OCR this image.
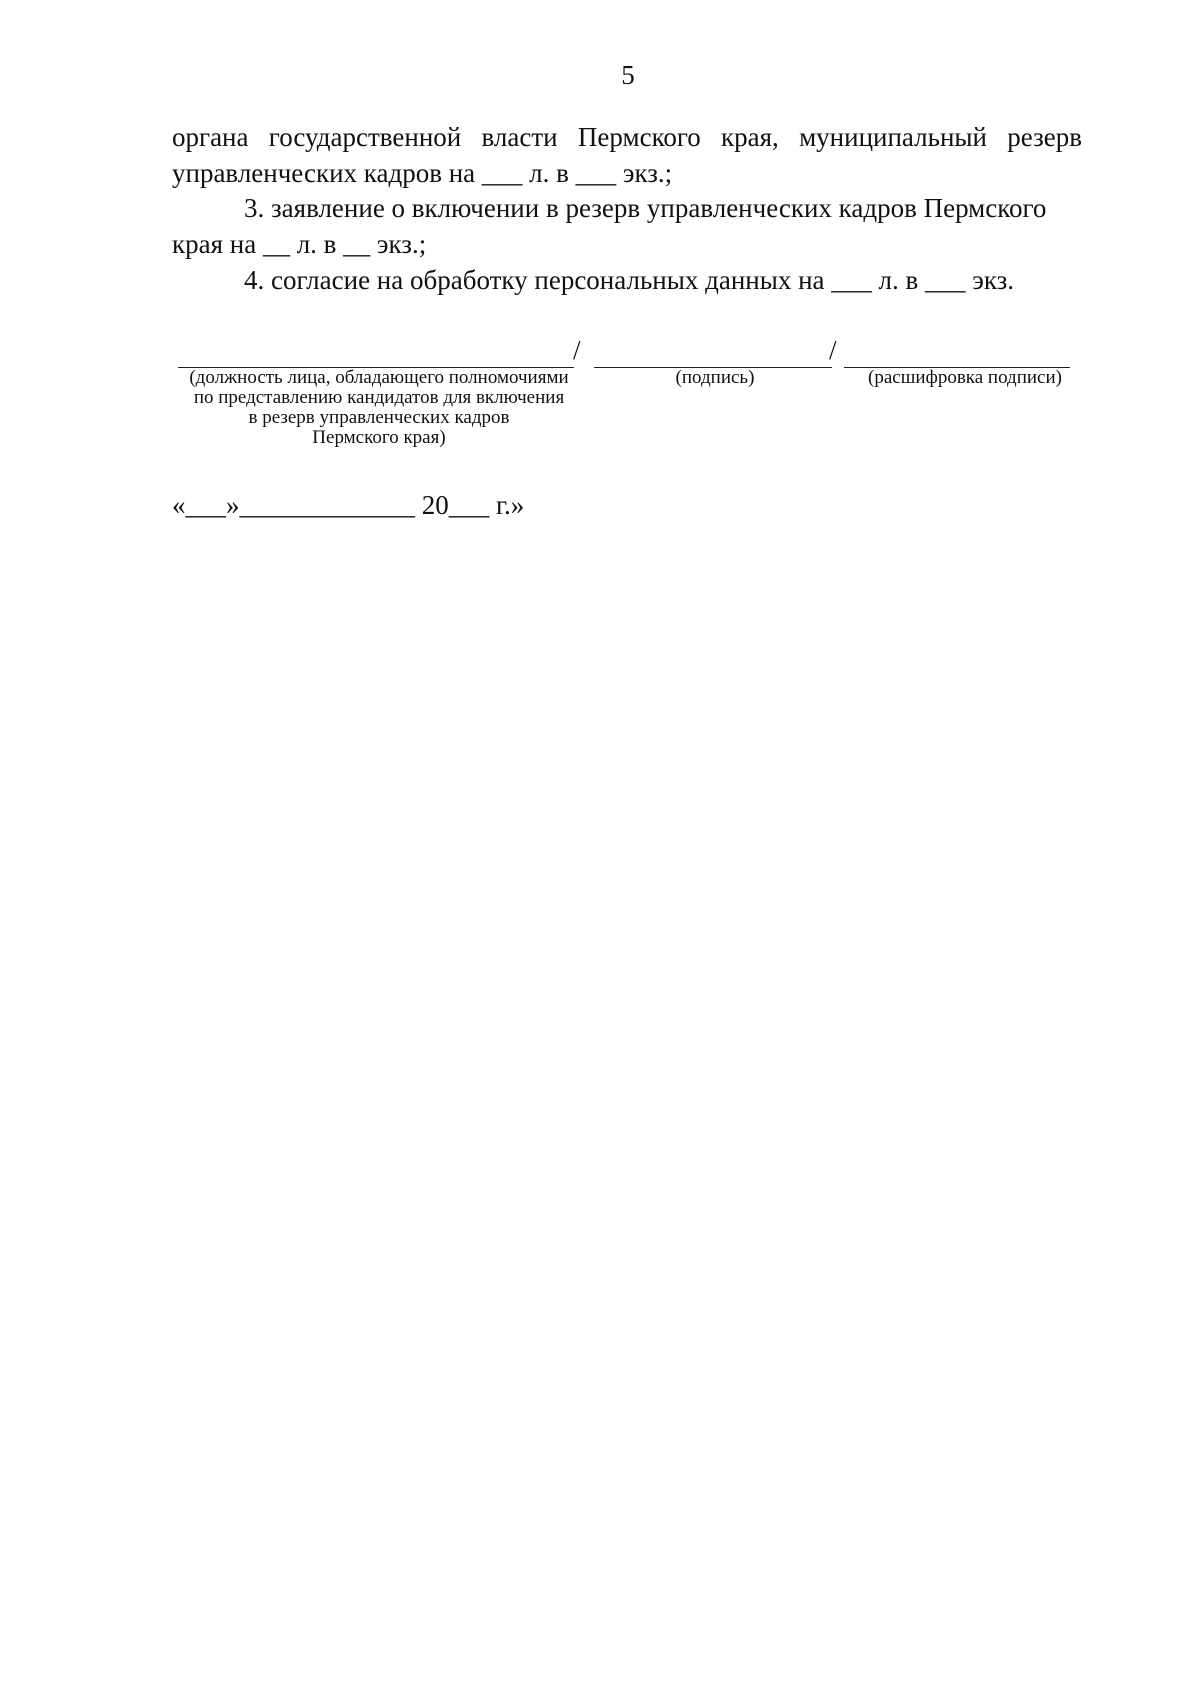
5
органа государственной власти Пермского края, муниципальный резерв
управленческих кадров на ___ л. в ___ экз.;
3. заявление о включении в резерв управленческих кадров Пермского
края на __ л. в __ экз.;
4. согласие на обработку персональных данных на ___ л. в ___ экз.
/	/
(должность лица, обладающего полномочиями
по представлению кандидатов для включения
в резерв управленческих кадров
Пермского края)
(подпись)	(расшифровка подписи)
«___»_____________ 20___ г.»
